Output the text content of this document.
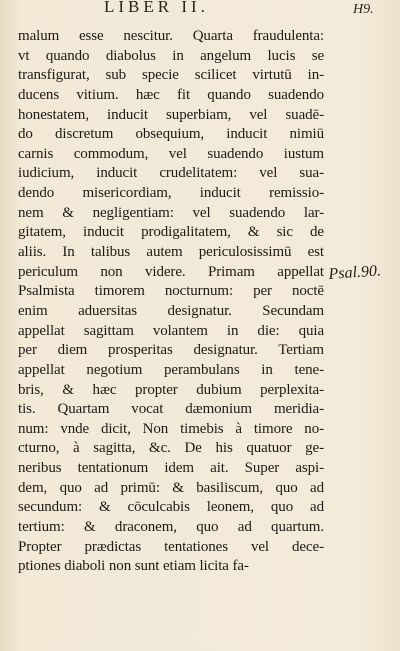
LIBER II.	H9.
malum esse nescitur. Quarta fraudulenta:
vt quando diabolus in angelum lucis se
transfigurat, sub specie scilicet virtutū in-
ducens vitium. hæc fit quando suadendo
honestatem, inducit superbiam, vel suadē-
do discretum obsequium, inducit nimiū
carnis commodum, vel suadendo iustum
iudicium, inducit crudelitatem: vel sua-
dendo misericordiam, inducit remissio-
nem & negligentiam: vel suadendo lar-
gitatem, inducit prodigalitatem, & sic de
aliis. In talibus autem periculosissimū est
periculum non videre. Primam appellat
Psalmista timorem nocturnum: per noctē
enim aduersitas designatur. Secundam
appellat sagittam volantem in die: quia
per diem prosperitas designatur. Tertiam
appellat negotium perambulans in tene-
bris, & hæc propter dubium perplexita-
tis. Quartam vocat dæmonium meridia-
num: vnde dicit, Non timebis à timore no-
cturno, à sagitta, &c. De his quatuor ge-
neribus tentationum idem ait. Super aspi-
dem, quo ad primū: & basiliscum, quo ad
secundum: & cōculcabis leonem, quo ad
tertium: & draconem, quo ad quartum.
Propter prædictas tentationes vel dece-
ptiones diaboli non sunt etiam licita fa-
Psal.90.
